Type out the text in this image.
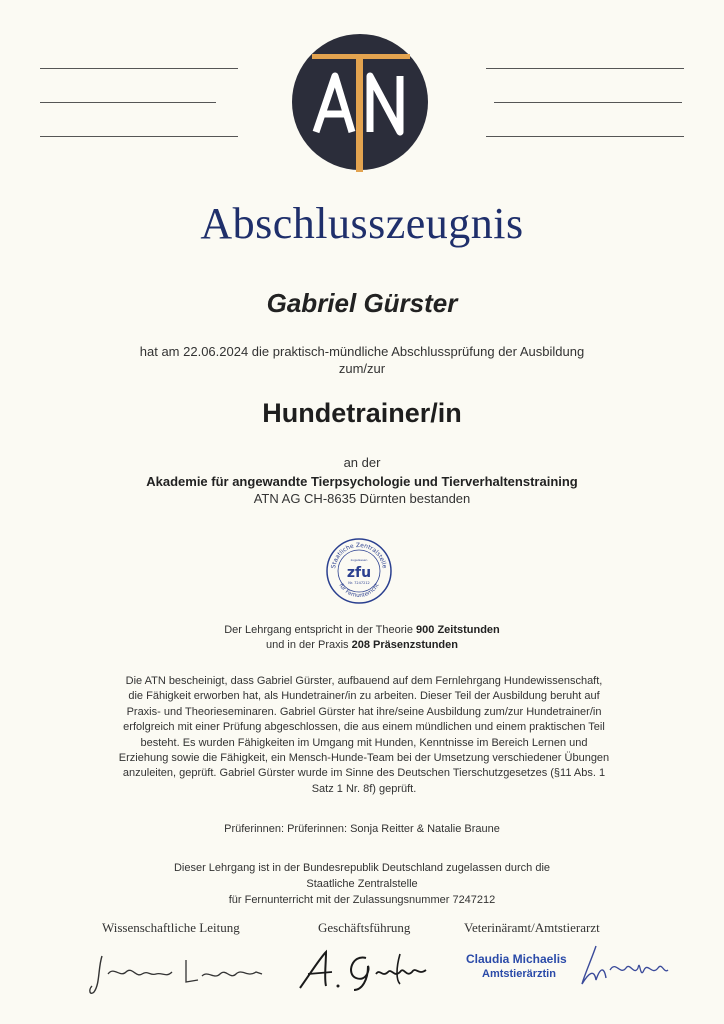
Abschlusszeugnis
Gabriel Gürster
hat am 22.06.2024 die praktisch-mündliche Abschlussprüfung der Ausbildung
zum/zur
Hundetrainer/in
an der
Akademie für angewandte Tierpsychologie und Tierverhaltenstraining
ATN AG CH-8635 Dürnten bestanden
Staatliche Zentralstelle
für Fernunterricht
zugelassen
zfu
Nr. 7247212
Der Lehrgang entspricht in der Theorie 900 Zeitstunden
und in der Praxis 208 Präsenzstunden
Die ATN bescheinigt, dass Gabriel Gürster, aufbauend auf dem Fernlehrgang Hundewissenschaft,
die Fähigkeit erworben hat, als Hundetrainer/in zu arbeiten. Dieser Teil der Ausbildung beruht auf
Praxis- und Theorieseminaren. Gabriel Gürster hat ihre/seine Ausbildung zum/zur Hundetrainer/in
erfolgreich mit einer Prüfung abgeschlossen, die aus einem mündlichen und einem praktischen Teil
besteht. Es wurden Fähigkeiten im Umgang mit Hunden, Kenntnisse im Bereich Lernen und
Erziehung sowie die Fähigkeit, ein Mensch-Hunde-Team bei der Umsetzung verschiedener Übungen
anzuleiten, geprüft. Gabriel Gürster wurde im Sinne des Deutschen Tierschutzgesetzes (§11 Abs. 1
Satz 1 Nr. 8f) geprüft.
Prüferinnen: Prüferinnen: Sonja Reitter & Natalie Braune
Dieser Lehrgang ist in der Bundesrepublik Deutschland zugelassen durch die Staatliche Zentralstelle
für Fernunterricht mit der Zulassungsnummer 7247212
Wissenschaftliche Leitung	Geschäftsführung	Veterinäramt/Amtstierarzt
Claudia Michaelis
Amtstierärztin
